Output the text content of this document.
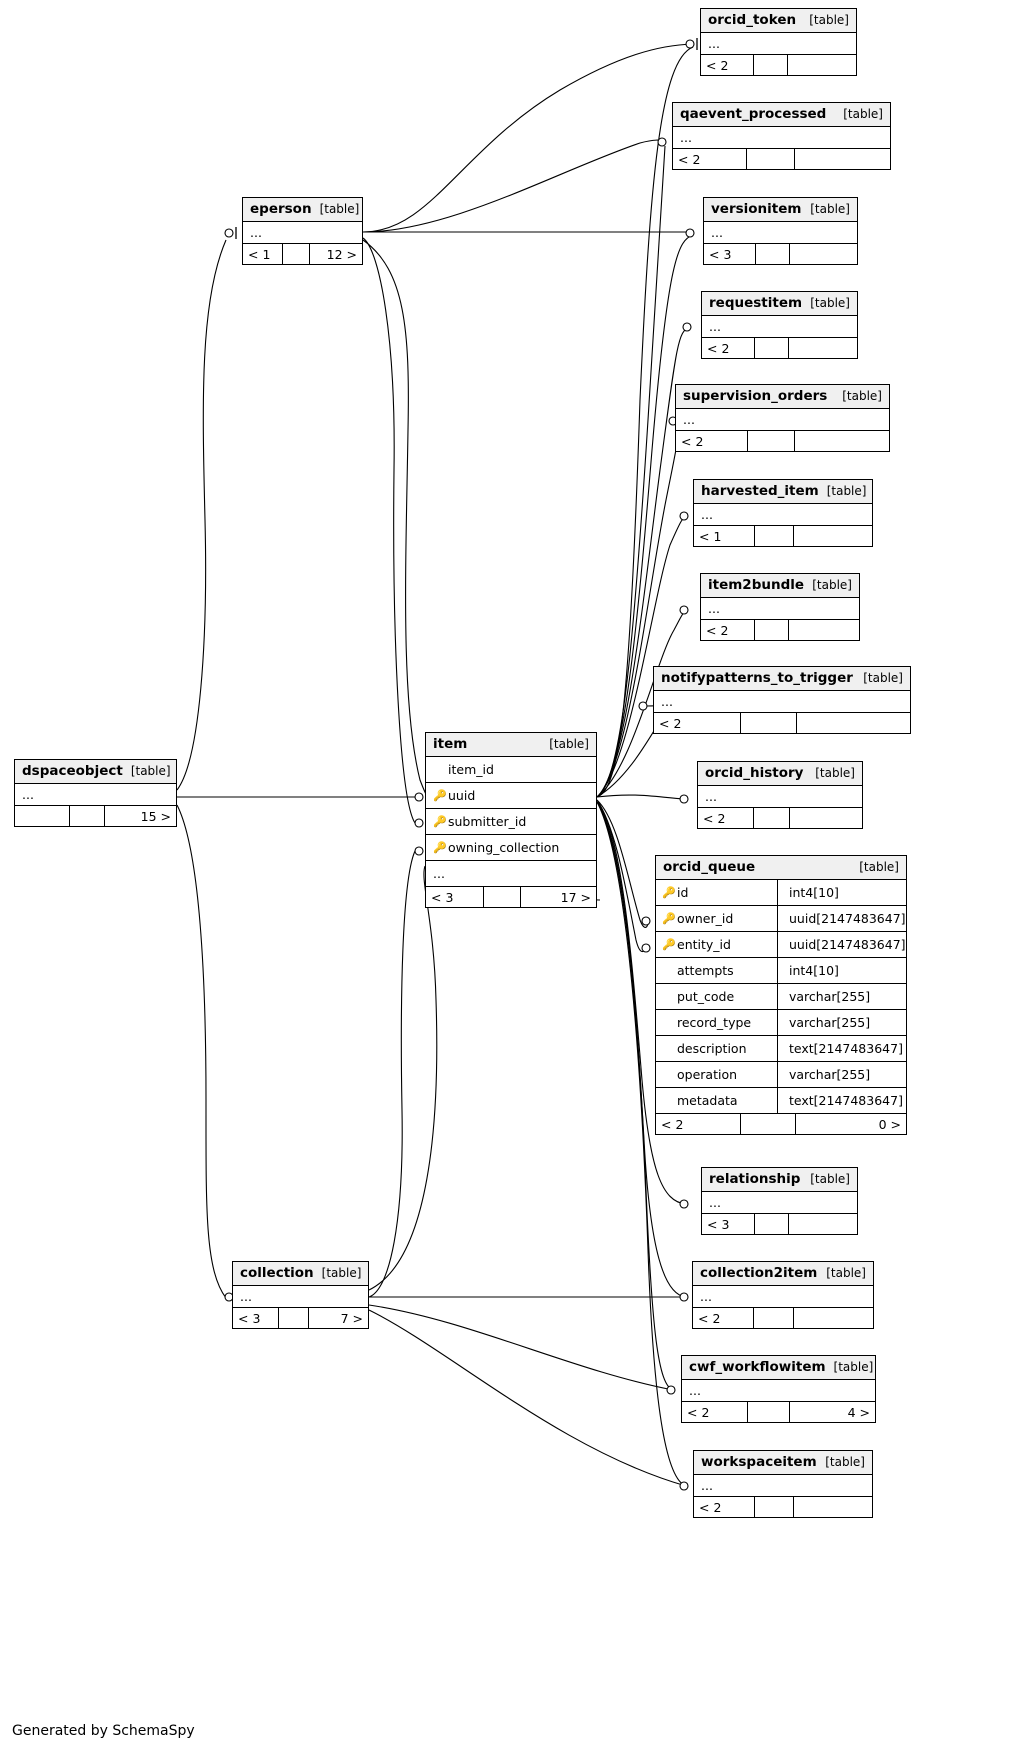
orcid_token [table]
...
< 2
qaevent_processed [table]
...
< 2
versionitem [table]
...
< 3
requestitem [table]
...
< 2
supervision_orders [table]
...
< 2
harvested_item [table]
...
< 1
item2bundle [table]
...
< 2
notifypatterns_to_trigger [table]
...
< 2
orcid_history [table]
...
< 2
relationship [table]
...
< 3
collection2item [table]
...
< 2
cwf_workflowitem [table]
...
< 2	4 >
workspaceitem [table]
...
< 2
eperson [table]
...
< 1	12 >
dspaceobject [table]
...
15 >
collection [table]
...
< 3	7 >
item	[table]
item_id
🔑 uuid
🔑 submitter_id
🔑 owning_collection
...
< 3	17 >
orcid_queue	[table]
🔑 id	int4[10]
🔑 owner_id	uuid[2147483647]
🔑 entity_id	uuid[2147483647]
attempts	int4[10]
put_code	varchar[255]
record_type	varchar[255]
description	text[2147483647]
operation	varchar[255]
metadata	text[2147483647]
< 2	0 >
Generated by SchemaSpy
